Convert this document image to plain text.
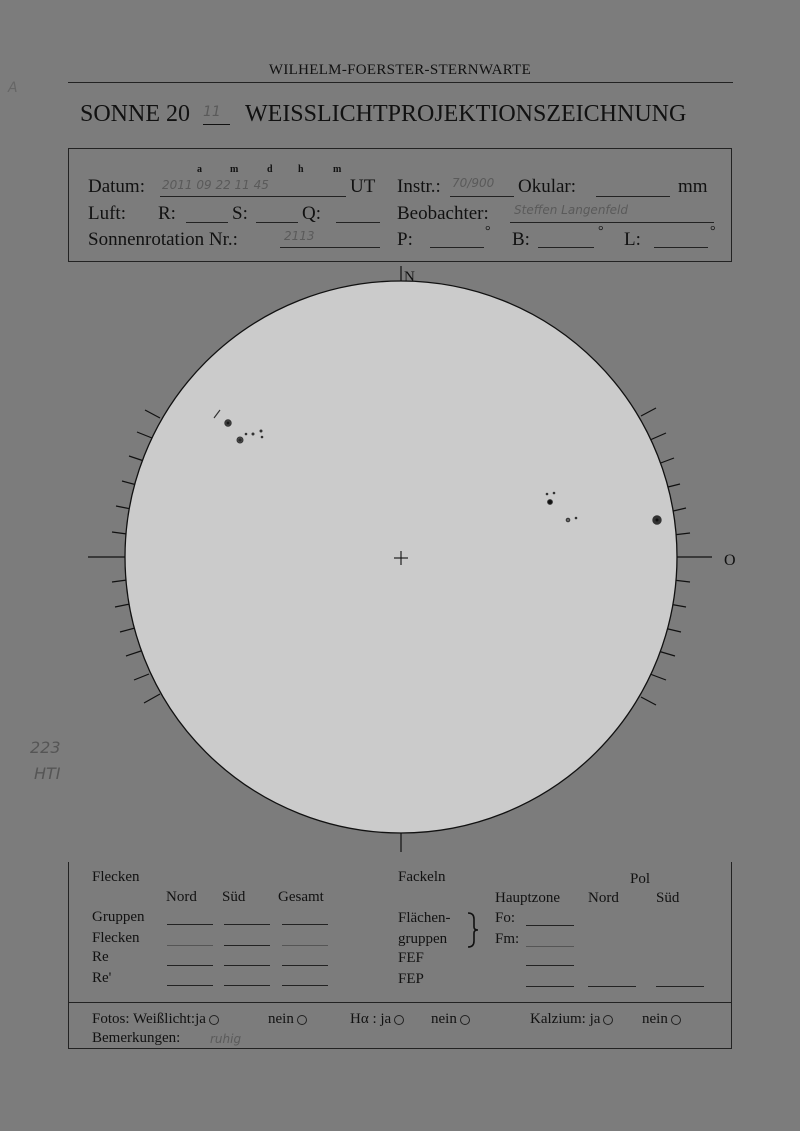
WILHELM-FOERSTER-STERNWARTE
SONNE 20 11 WEISSLICHTPROJEKTIONSZEICHNUNG
Datum:
a	m	d	h	m
2011 09 22 11 45	UT Instr.: 70/900 Okular:	mm
Luft: R:	S:	Q:	Beobachter: Steffen Langenfeld
Sonnenrotation Nr.:	2113	P:	° B:	° L:	°
N
O
Flecken
Nord Süd Gesamt
Gruppen
Flecken
Re
Re'
Fackeln	Pol
Hauptzone Nord Süd
Flächen-
gruppen
Fo:
Fm:
FEF
FEP
Fotos: Weißlicht:ja	nein	Hα : ja	nein	Kalzium: ja	nein
Bemerkungen: ruhig
A
223
HTI
